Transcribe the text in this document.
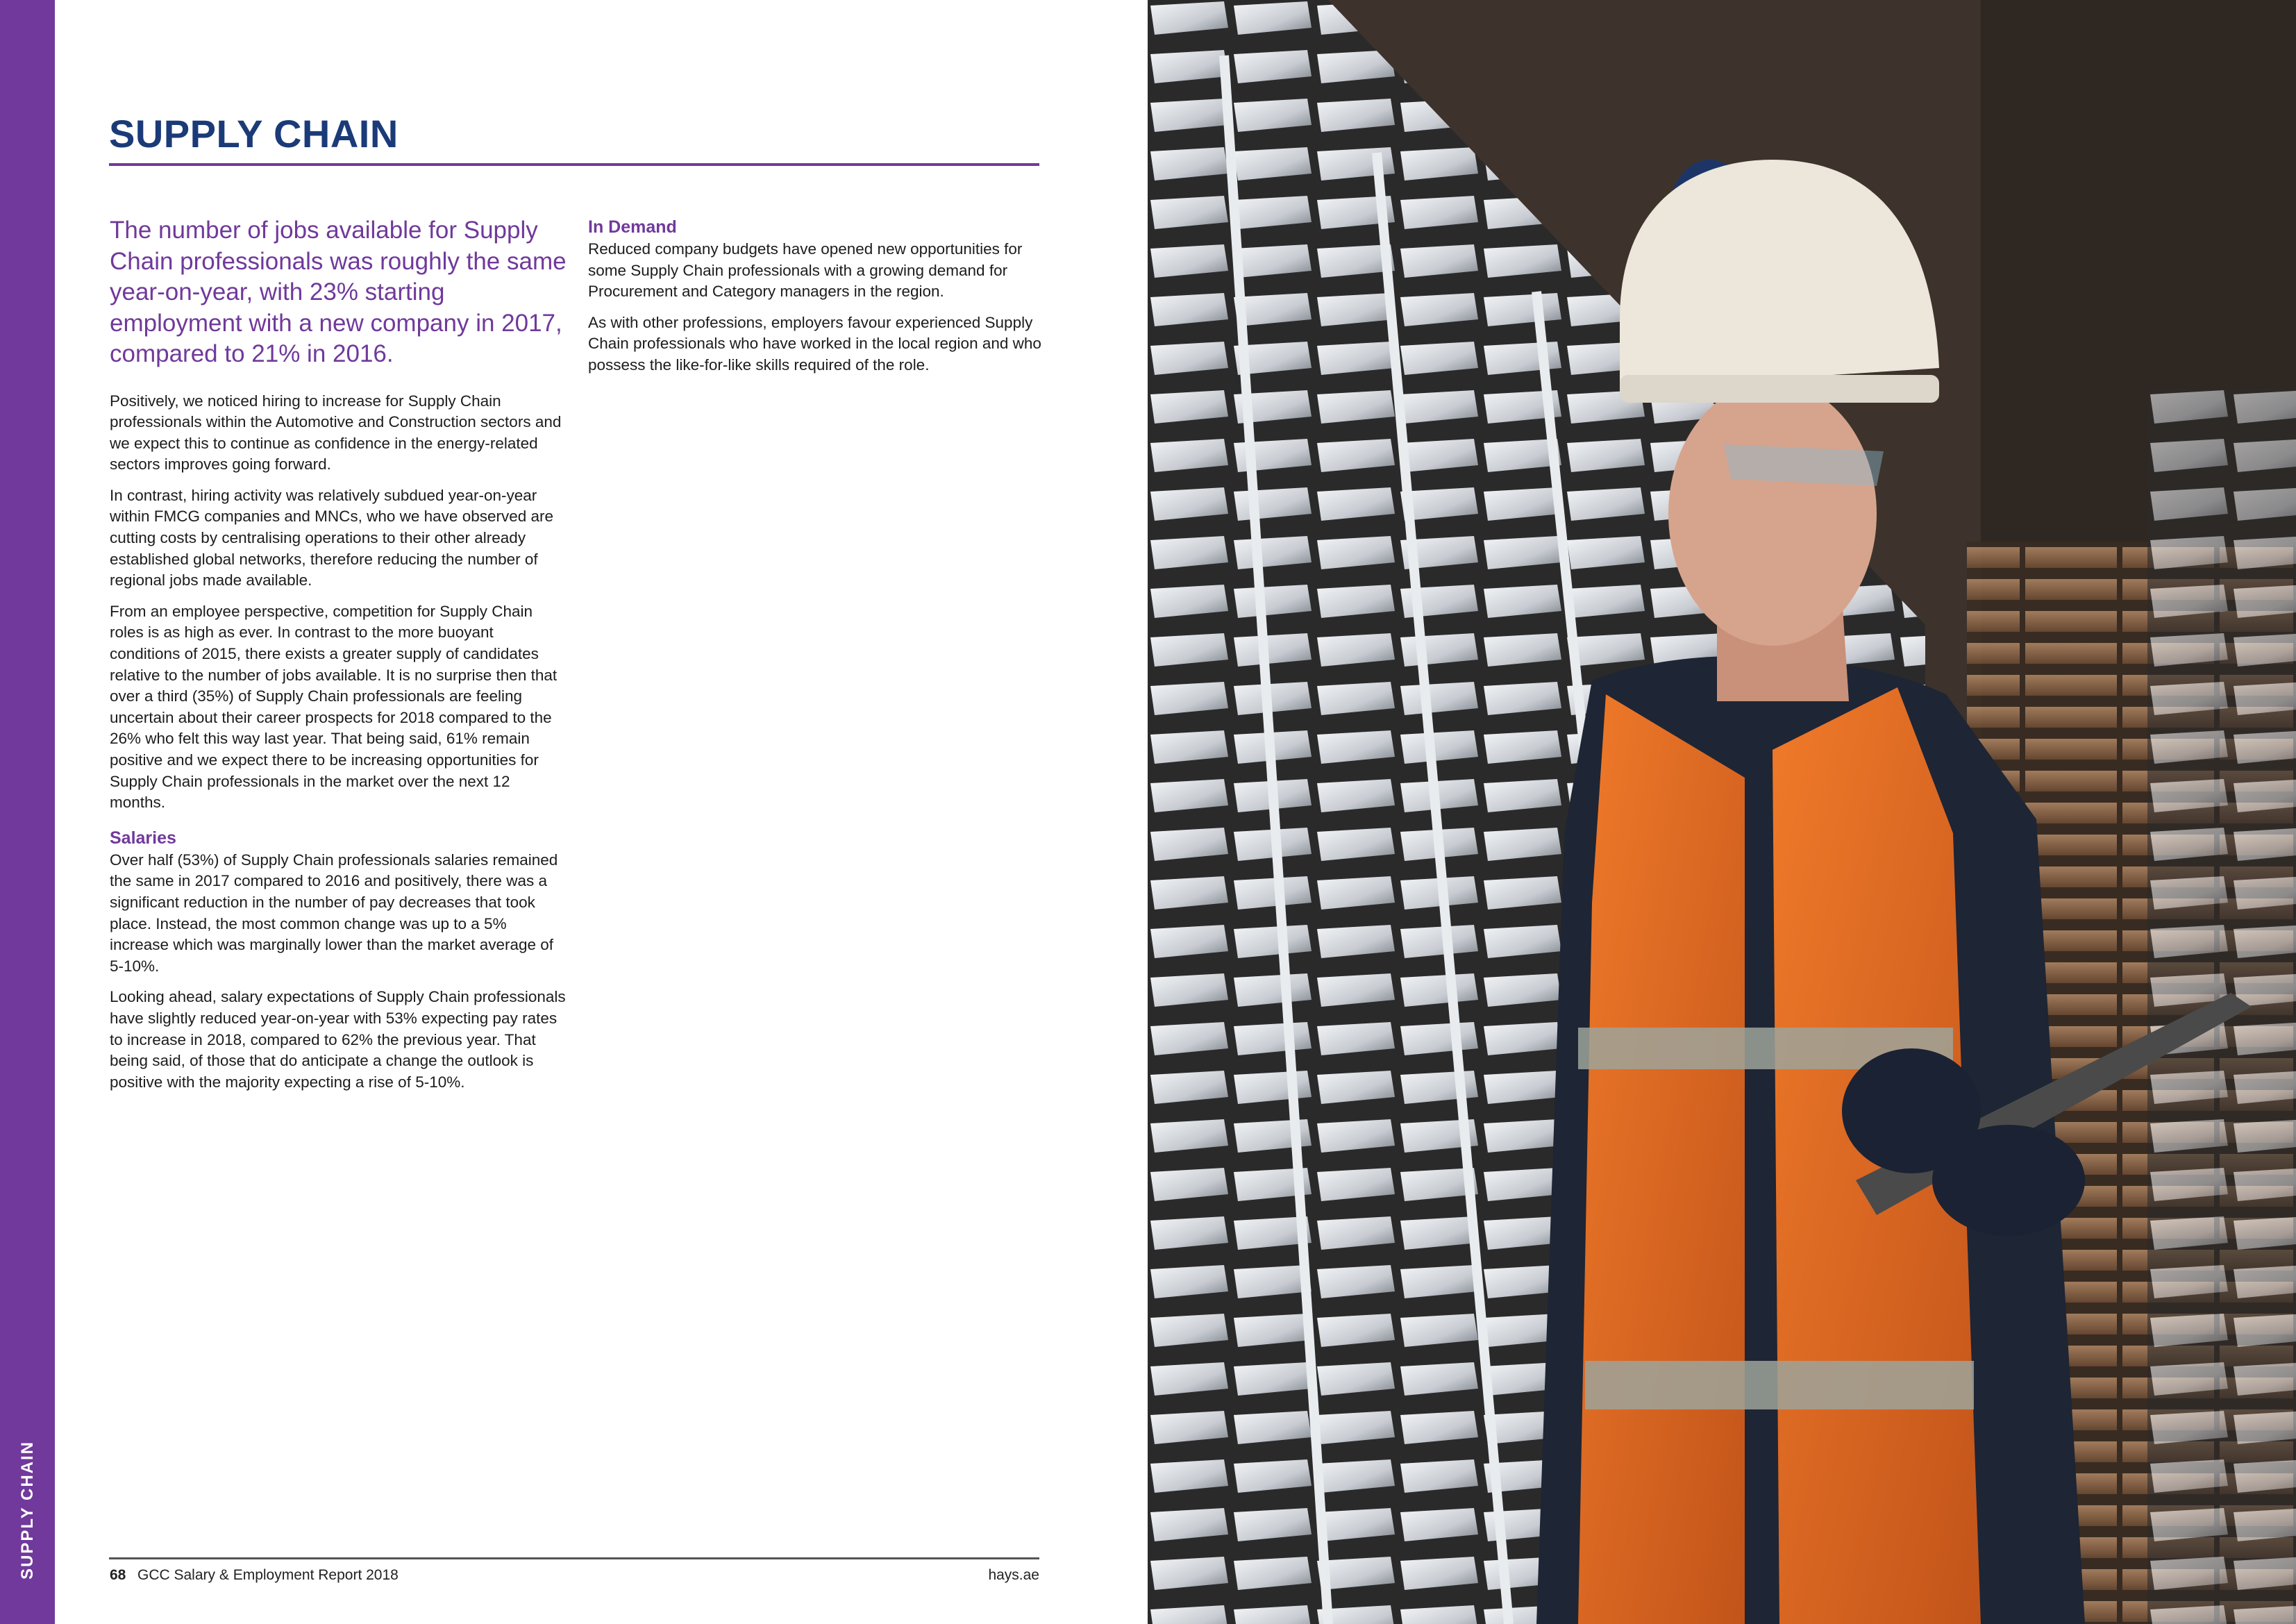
SUPPLY CHAIN
SUPPLY CHAIN

The number of jobs available for Supply Chain professionals was roughly the same year-on-year, with 23% starting employment with a new company in 2017, compared to 21% in 2016.

Positively, we noticed hiring to increase for Supply Chain professionals within the Automotive and Construction sectors and we expect this to continue as confidence in the energy-related sectors improves going forward.

In contrast, hiring activity was relatively subdued year-on-year within FMCG companies and MNCs, who we have observed are cutting costs by centralising operations to their other already established global networks, therefore reducing the number of regional jobs made available.

From an employee perspective, competition for Supply Chain roles is as high as ever. In contrast to the more buoyant conditions of 2015, there exists a greater supply of candidates relative to the number of jobs available. It is no surprise then that over a third (35%) of Supply Chain professionals are feeling uncertain about their career prospects for 2018 compared to the 26% who felt this way last year. That being said, 61% remain positive and we expect there to be increasing opportunities for Supply Chain professionals in the market over the next 12 months.

Salaries

Over half (53%) of Supply Chain professionals salaries remained the same in 2017 compared to 2016 and positively, there was a significant reduction in the number of pay decreases that took place. Instead, the most common change was up to a 5% increase which was marginally lower than the market average of 5-10%.

Looking ahead, salary expectations of Supply Chain professionals have slightly reduced year-on-year with 53% expecting pay rates to increase in 2018, compared to 62% the previous year. That being said, of those that do anticipate a change the outlook is positive with the majority expecting a rise of 5-10%.

In Demand

Reduced company budgets have opened new opportunities for some Supply Chain professionals with a growing demand for Procurement and Category managers in the region.

As with other professions, employers favour experienced Supply Chain professionals who have worked in the local region and who possess the like-for-like skills required of the role.

68 GCC Salary & Employment Report 2018	hays.ae
